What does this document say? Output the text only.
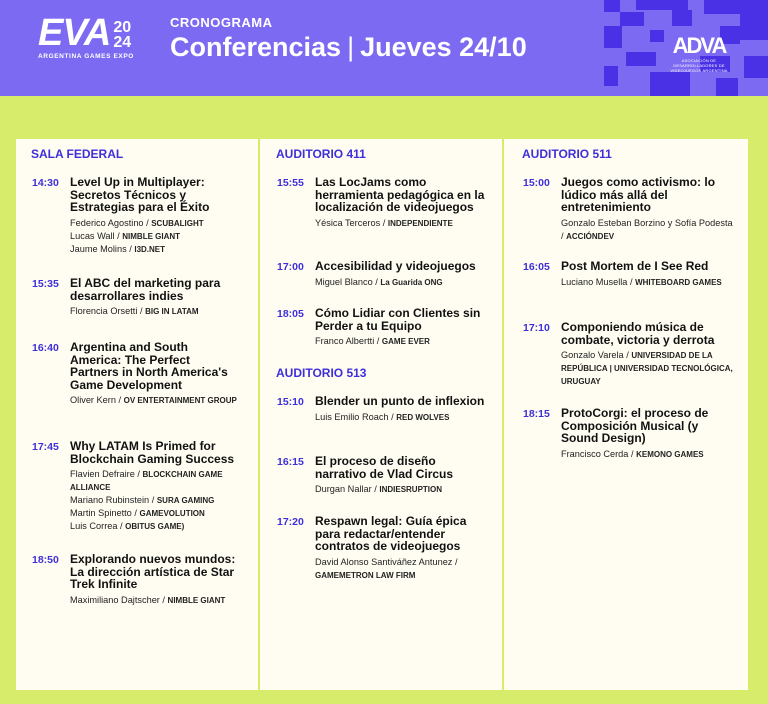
EVA 2024
ARGENTINA GAMES EXPO
CRONOGRAMA
Conferencias | Jueves 24/10	ADVA
ASOCIACIÓN DE DESARROLLADORES DE VIDEOJUEGOS ARGENTINA
SALA FEDERAL
14:30 Level Up in Multiplayer: Secretos Técnicos y Estrategias para el Éxito
Federico Agostino / SCUBALIGHT
Lucas Wall / NIMBLE GIANT
Jaume Molins / I3D.NET
15:35 El ABC del marketing para desarrollares indies
Florencia Orsetti / BIG IN LATAM
16:40 Argentina and South America: The Perfect Partners in North America's Game Development
Oliver Kern / OV ENTERTAINMENT GROUP
17:45 Why LATAM Is Primed for Blockchain Gaming Success
Flavien Defraire / BLOCKCHAIN GAME ALLIANCE
Mariano Rubinstein / SURA GAMING
Martin Spinetto / GAMEVOLUTION
Luis Correa / OBITUS GAME)
18:50 Explorando nuevos mundos: La dirección artística de Star Trek Infinite
Maximiliano Dajtscher / NIMBLE GIANT
AUDITORIO 411
15:55 Las LocJams como herramienta pedagógica en la localización de videojuegos
Yésica Terceros / INDEPENDIENTE
17:00 Accesibilidad y videojuegos
Miguel Blanco / La Guarida ONG
18:05 Cómo Lidiar con Clientes sin Perder a tu Equipo
Franco Albertti / GAME EVER
AUDITORIO 513
15:10 Blender un punto de inflexion
Luis Emilio Roach / RED WOLVES
16:15 El proceso de diseño narrativo de Vlad Circus
Durgan Nallar / INDIESRUPTION
17:20 Respawn legal: Guía épica para redactar/entender contratos de videojuegos
David Alonso Santiváñez Antunez / GAMEMETRON LAW FIRM
AUDITORIO 511
15:00 Juegos como activismo: lo lúdico más allá del entretenimiento
Gonzalo Esteban Borzino y Sofía Podesta / ACCIÓNDEV
16:05 Post Mortem de I See Red
Luciano Musella / WHITEBOARD GAMES
17:10 Componiendo música de combate, victoria y derrota
Gonzalo Varela / UNIVERSIDAD DE LA REPÚBLICA | UNIVERSIDAD TECNOLÓGICA, URUGUAY
18:15 ProtoCorgi: el proceso de Composición Musical (y Sound Design)
Francisco Cerda / KEMONO GAMES
